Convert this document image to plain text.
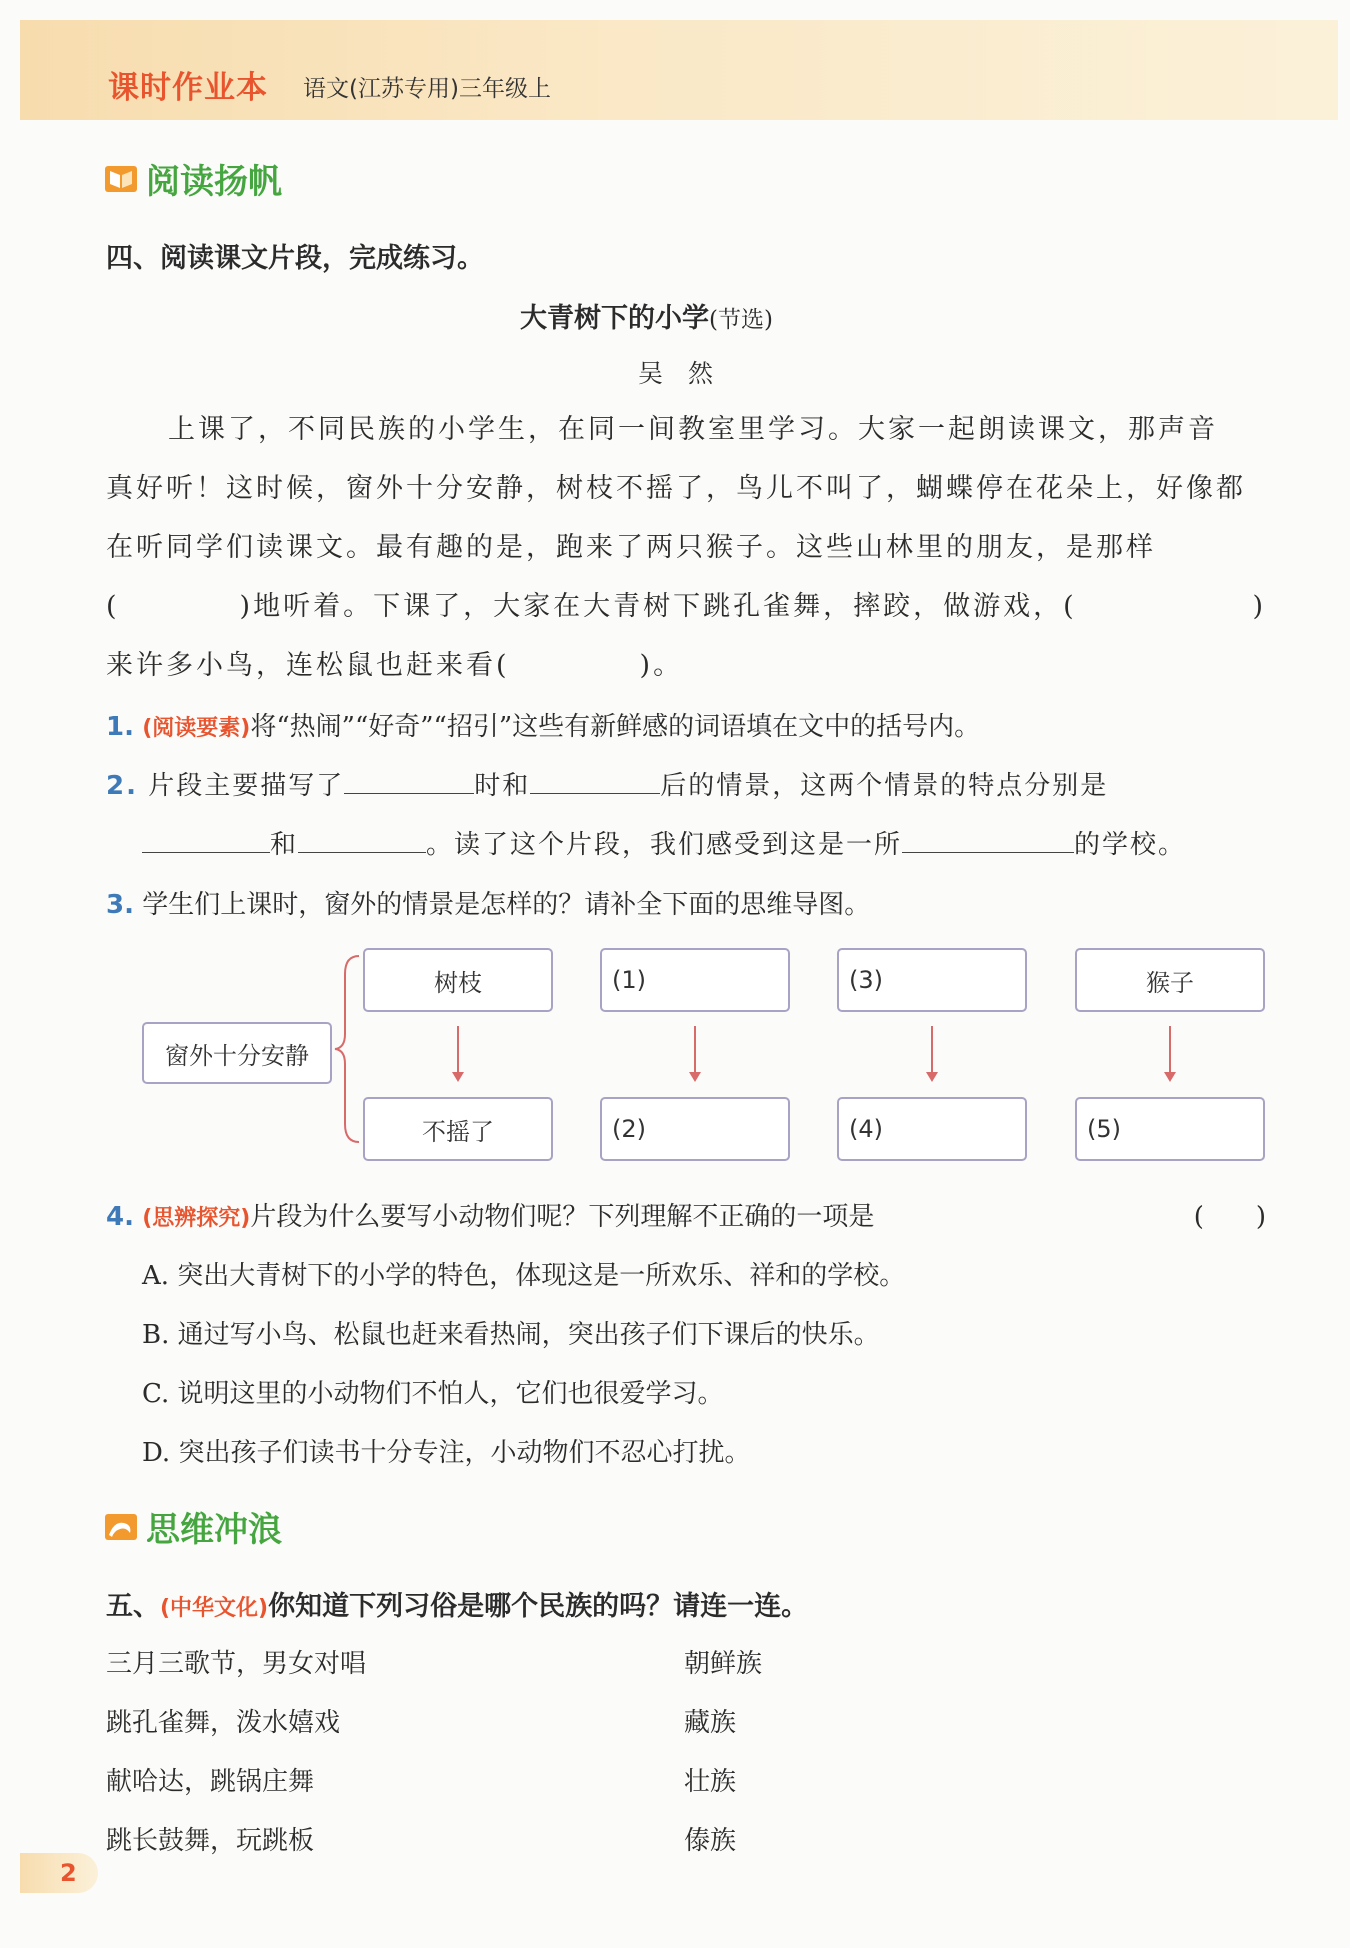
课时作业本 语文(江苏专用)三年级上
阅读扬帆
四、阅读课文片段，完成练习。
大青树下的小学(节选)
吴　然

上课了，不同民族的小学生，在同一间教室里学习。大家一起朗读课文，那声音

真好听！这时候，窗外十分安静，树枝不摇了，鸟儿不叫了，蝴蝶停在花朵上，好像都

在听同学们读课文。最有趣的是，跑来了两只猴子。这些山林里的朋友，是那样

(	)地听着。下课了，大家在大青树下跳孔雀舞，摔跤，做游戏，(	)

来许多小鸟，连松鼠也赶来看(	)。

1. (阅读要素)将“热闹”“好奇”“招引”这些有新鲜感的词语填在文中的括号内。
2. 片段主要描写了	时和	后的情景，这两个情景的特点分别是
和	。读了这个片段，我们感受到这是一所	的学校。
3. 学生们上课时，窗外的情景是怎样的？请补全下面的思维导图。
窗外十分安静
树枝	(1)	(3)	猴子
不摇了	(2)	(4)	(5)
4. (思辨探究)片段为什么要写小动物们呢？下列理解不正确的一项是	(　　)
A. 突出大青树下的小学的特色，体现这是一所欢乐、祥和的学校。
B. 通过写小鸟、松鼠也赶来看热闹，突出孩子们下课后的快乐。
C. 说明这里的小动物们不怕人，它们也很爱学习。
D. 突出孩子们读书十分专注，小动物们不忍心打扰。
思维冲浪
五、(中华文化)你知道下列习俗是哪个民族的吗？请连一连。
三月三歌节，男女对唱
跳孔雀舞，泼水嬉戏
献哈达，跳锅庄舞
跳长鼓舞，玩跳板
朝鲜族
藏族
壮族
傣族
2
